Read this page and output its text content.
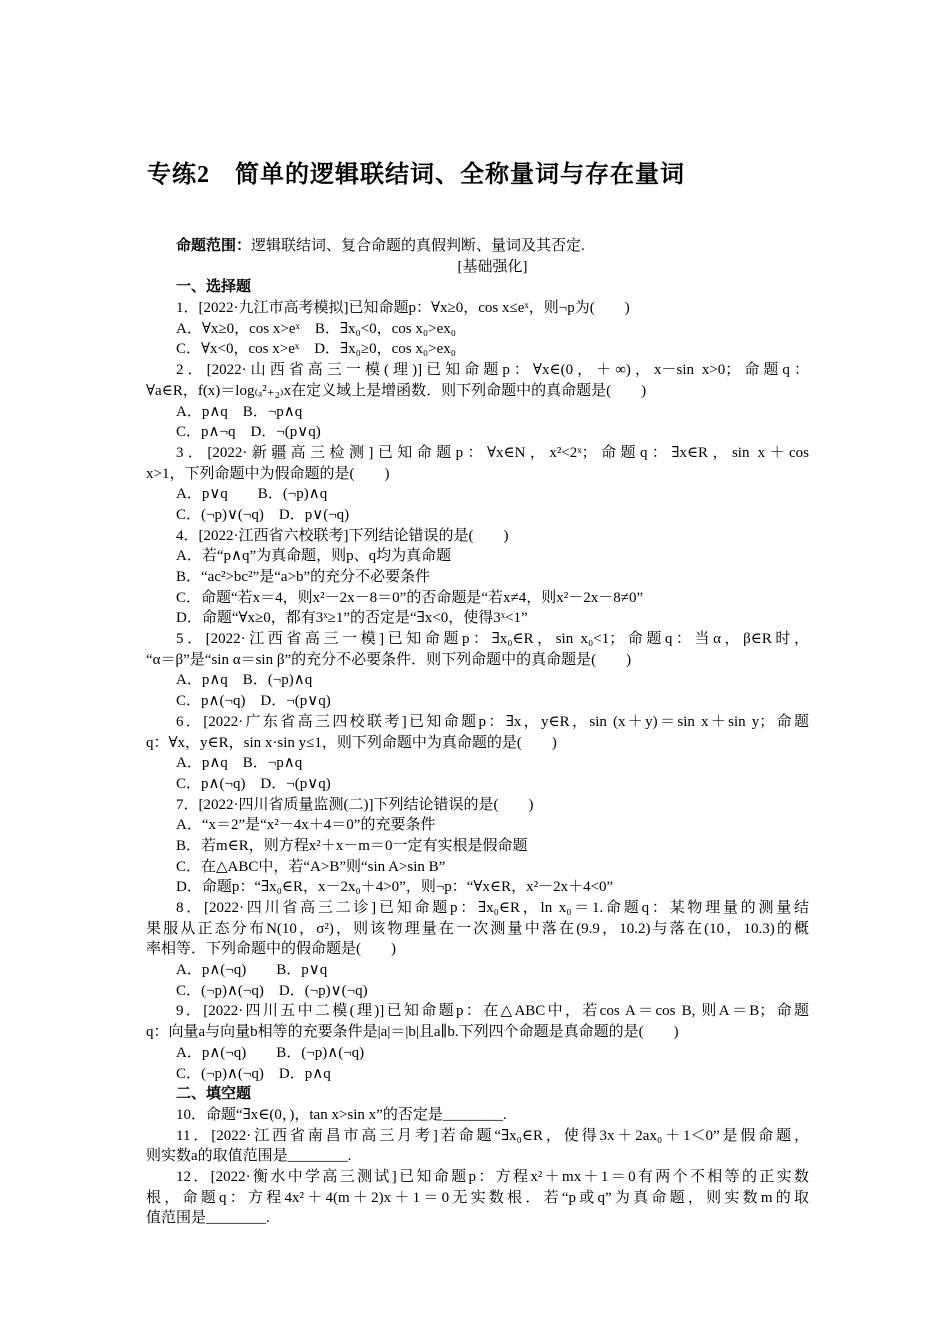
专练2　简单的逻辑联结词、全称量词与存在量词
命题范围：逻辑联结词、复合命题的真假判断、量词及其否定.
[基础强化]
一、选择题
1．[2022·九江市高考模拟]已知命题p：∀x≥0，cos x≤eˣ，则¬p为(　　)
A．∀x≥0，cos x>eˣ　B．∃x₀<0，cos x₀>ex₀
C．∀x<0，cos x>eˣ　D．∃x₀≥0，cos x₀>ex₀
2．[2022·山西省高三一模(理)]已知命题p：∀x∈(0，＋∞)，x－sin x>0；命题q：
∀a∈R，f(x)＝log₍ₐ²₊₂₎x在定义域上是增函数．则下列命题中的真命题是(　　)
A．p∧q　B．¬p∧q
C．p∧¬q　D．¬(p∨q)
3．[2022·新疆高三检测]已知命题p：∀x∈N，x²<2ˣ；命题q：∃x∈R，sin x＋cos
x>1，下列命题中为假命题的是(　　)
A．p∨q　　B．(¬p)∧q
C．(¬p)∨(¬q)　D．p∨(¬q)
4．[2022·江西省六校联考]下列结论错误的是(　　)
A．若“p∧q”为真命题，则p、q均为真命题
B．“ac²>bc²”是“a>b”的充分不必要条件
C．命题“若x＝4，则x²－2x－8＝0”的否命题是“若x≠4，则x²－2x－8≠0”
D．命题“∀x≥0，都有3ˣ≥1”的否定是“∃x<0，使得3ˣ<1”
5．[2022·江西省高三一模]已知命题p：∃x₀∈R，sin x₀<1；命题q：当α，β∈R时，
“α＝β”是“sin α＝sin β”的充分不必要条件．则下列命题中的真命题是(　　)
A．p∧q　B．(¬p)∧q
C．p∧(¬q)　D．¬(p∨q)
6．[2022·广东省高三四校联考]已知命题p：∃x，y∈R，sin (x＋y)＝sin x＋sin y；命题
q：∀x，y∈R，sin x·sin y≤1，则下列命题中为真命题的是(　　)
A．p∧q　B．¬p∧q
C．p∧(¬q)　D．¬(p∨q)
7．[2022·四川省质量监测(二)]下列结论错误的是(　　)
A．“x＝2”是“x²－4x＋4＝0”的充要条件
B．若m∈R，则方程x²＋x－m＝0一定有实根是假命题
C．在△ABC中，若“A>B”则“sin A>sin B”
D．命题p：“∃x₀∈R，x－2x₀＋4>0”，则¬p：“∀x∈R，x²－2x＋4<0”
8．[2022·四川省高三二诊]已知命题p：∃x₀∈R，ln x₀＝1.命题q：某物理量的测量结
果服从正态分布N(10，σ²)，则该物理量在一次测量中落在(9.9，10.2)与落在(10，10.3)的概
率相等．下列命题中的假命题是(　　)
A．p∧(¬q)　　B．p∨q
C．(¬p)∧(¬q)　D．(¬p)∨(¬q)
9．[2022·四川五中二模(理)]已知命题p：在△ABC中，若cos A＝cos B, 则A＝B；命题
q：向量a与向量b相等的充要条件是|a|＝|b|且a∥b.下列四个命题是真命题的是(　　)
A．p∧(¬q)　　B．(¬p)∧(¬q)
C．(¬p)∧(¬q)　D．p∧q
二、填空题
10．命题“∃x∈(0，)，tan x>sin x”的否定是________.
11．[2022·江西省南昌市高三月考]若命题“∃x₀∈R，使得3x＋2ax₀＋1＜0”是假命题，
则实数a的取值范围是________.
12．[2022·衡水中学高三测试]已知命题p：方程x²＋mx＋1＝0有两个不相等的正实数
根，命题q：方程4x²＋4(m＋2)x＋1＝0无实数根．若“p或q”为真命题，则实数m的取
值范围是________.
